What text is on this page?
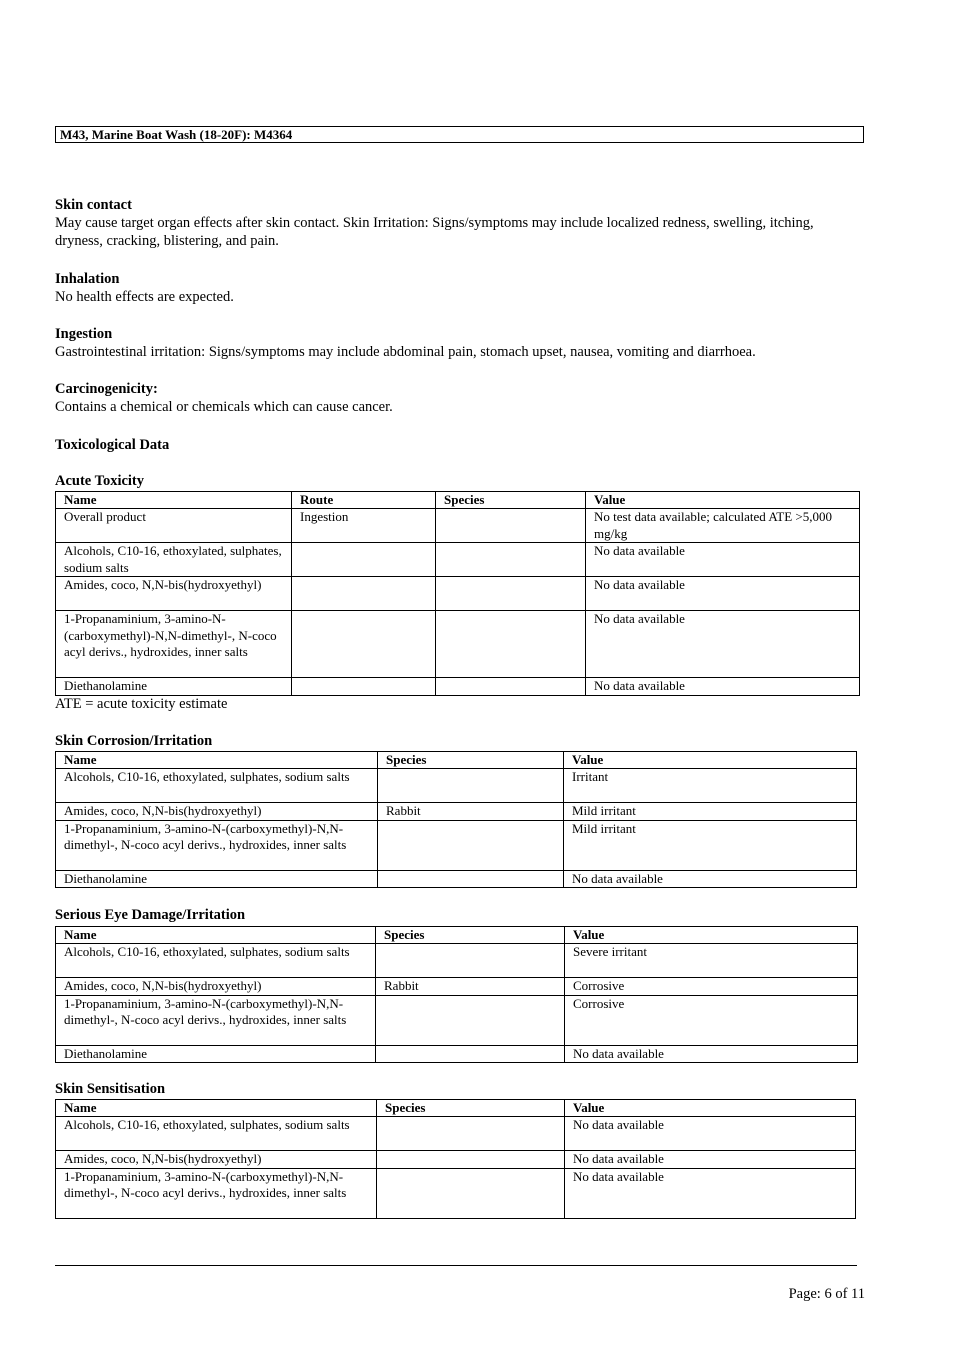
M43, Marine Boat Wash (18-20F): M4364
Skin contact
May cause target organ effects after skin contact. Skin Irritation: Signs/symptoms may include localized redness, swelling, itching, dryness, cracking, blistering, and pain.
Inhalation
No health effects are expected.
Ingestion
Gastrointestinal irritation: Signs/symptoms may include abdominal pain, stomach upset, nausea, vomiting and diarrhoea.
Carcinogenicity:
Contains a chemical or chemicals which can cause cancer.
Toxicological Data
Acute Toxicity
Name	Route	Species	Value
Overall product	Ingestion		No test data available; calculated ATE >5,000 mg/kg
Alcohols, C10-16, ethoxylated, sulphates, sodium salts			No data available
Amides, coco, N,N-bis(hydroxyethyl)			No data available
1-Propanaminium, 3-amino-N-(carboxymethyl)-N,N-dimethyl-, N-coco acyl derivs., hydroxides, inner salts			No data available
Diethanolamine			No data available
ATE = acute toxicity estimate
Skin Corrosion/Irritation
Name	Species	Value
Alcohols, C10-16, ethoxylated, sulphates, sodium salts		Irritant
Amides, coco, N,N-bis(hydroxyethyl)	Rabbit	Mild irritant
1-Propanaminium, 3-amino-N-(carboxymethyl)-N,N-dimethyl-, N-coco acyl derivs., hydroxides, inner salts		Mild irritant
Diethanolamine		No data available
Serious Eye Damage/Irritation
Name	Species	Value
Alcohols, C10-16, ethoxylated, sulphates, sodium salts		Severe irritant
Amides, coco, N,N-bis(hydroxyethyl)	Rabbit	Corrosive
1-Propanaminium, 3-amino-N-(carboxymethyl)-N,N-dimethyl-, N-coco acyl derivs., hydroxides, inner salts		Corrosive
Diethanolamine		No data available
Skin Sensitisation
Name	Species	Value
Alcohols, C10-16, ethoxylated, sulphates, sodium salts		No data available
Amides, coco, N,N-bis(hydroxyethyl)		No data available
1-Propanaminium, 3-amino-N-(carboxymethyl)-N,N-dimethyl-, N-coco acyl derivs., hydroxides, inner salts		No data available
Page: 6 of 11
